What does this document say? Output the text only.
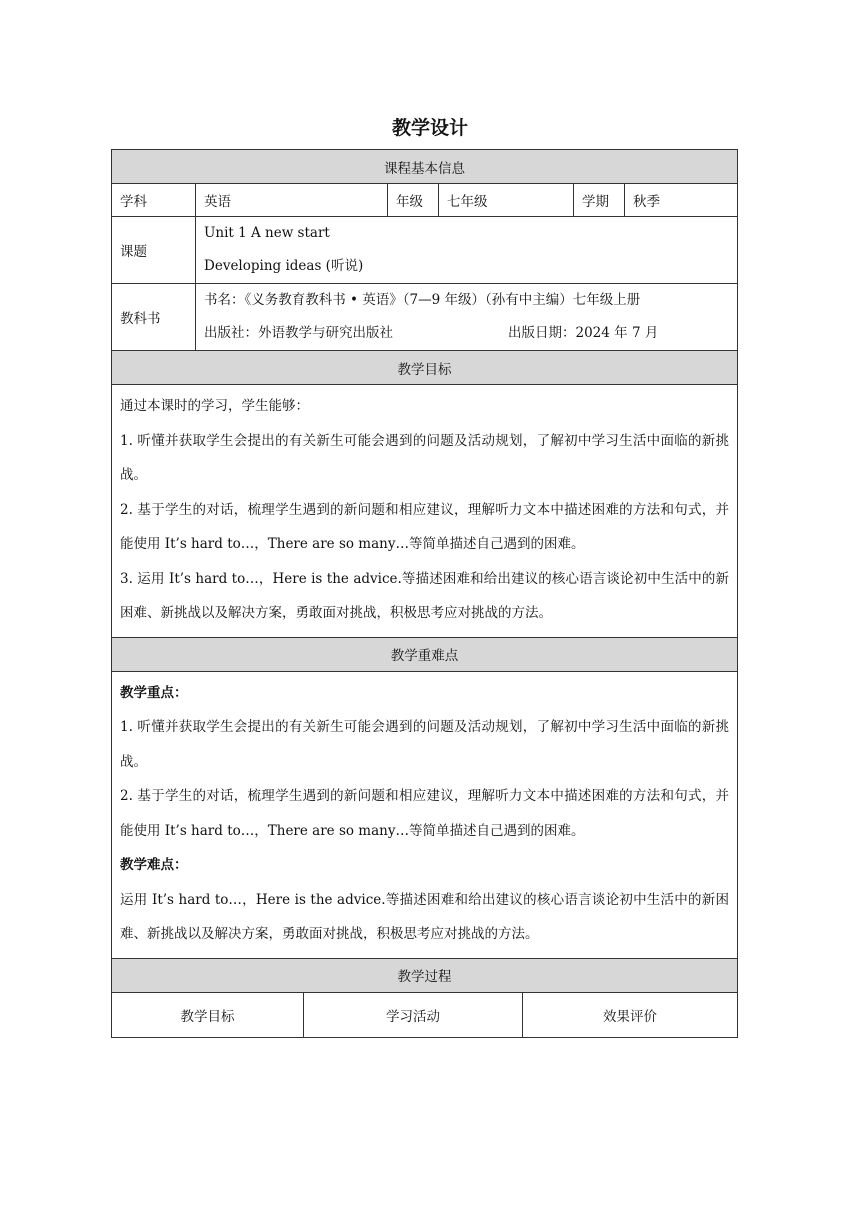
教学设计
课程基本信息							
学科	英语		年级	七年级		学期	秋季
课题	Unit 1 A new start
Developing ideas (听说)						

教科书	书名：《义务教育教科书 • 英语》（7—9 年级）（孙有中主编）七年级上册
出版社：外语教学与研究出版社 出版日期：2024 年 7 月						

教学目标							

通过本课时的学习，学生能够：

1. 听懂并获取学生会提出的有关新生可能会遇到的问题及活动规划，了解初中学习生活中面临的新挑战。

2. 基于学生的对话，梳理学生遇到的新问题和相应建议，理解听力文本中描述困难的方法和句式，并能使用 It’s hard to…，There are so many…等简单描述自己遇到的困难。

3. 运用 It’s hard to…，Here is the advice.等描述困难和给出建议的核心语言谈论初中生活中的新困难、新挑战以及解决方案，勇敢面对挑战，积极思考应对挑战的方法。							

教学重难点							

教学重点：

1. 听懂并获取学生会提出的有关新生可能会遇到的问题及活动规划，了解初中学习生活中面临的新挑战。

2. 基于学生的对话，梳理学生遇到的新问题和相应建议，理解听力文本中描述困难的方法和句式，并能使用 It’s hard to…，There are so many…等简单描述自己遇到的困难。

教学难点：

运用 It’s hard to…，Here is the advice.等描述困难和给出建议的核心语言谈论初中生活中的新困难、新挑战以及解决方案，勇敢面对挑战，积极思考应对挑战的方法。							

教学过程							
教学目标		学习活动			效果评价		
